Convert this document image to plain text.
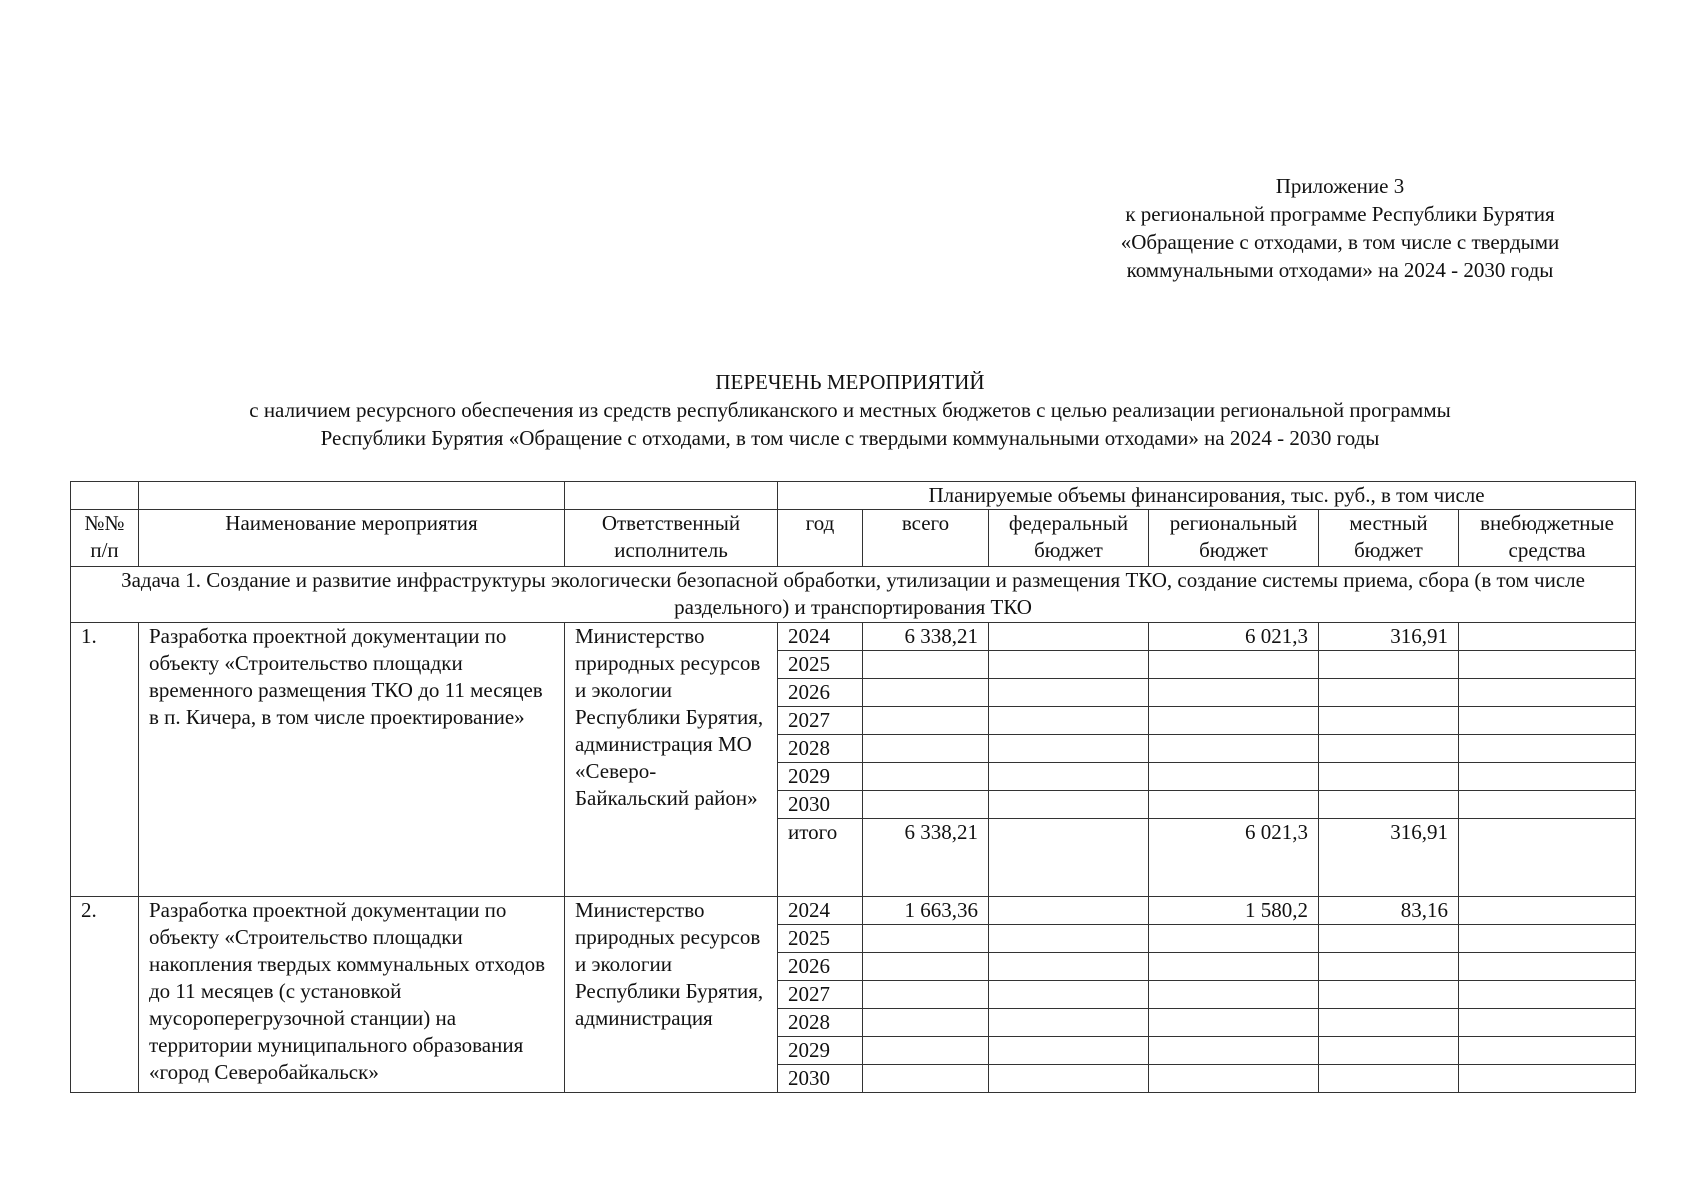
Приложение 3
к региональной программе Республики Бурятия
«Обращение с отходами, в том числе с твердыми
коммунальными отходами» на 2024 - 2030 годы
ПЕРЕЧЕНЬ МЕРОПРИЯТИЙ
с наличием ресурсного обеспечения из средств республиканского и местных бюджетов с целью реализации региональной программы
Республики Бурятия «Обращение с отходами, в том числе с твердыми коммунальными отходами» на 2024 - 2030 годы
			Планируемые объемы финансирования, тыс. руб., в том числе					
№№ п/п	Наименование мероприятия	Ответственный исполнитель	год	всего	федеральный бюджет	региональный бюджет	местный бюджет	внебюджетные средства
Задача 1. Создание и развитие инфраструктуры экологически безопасной обработки, утилизации и размещения ТКО, создание системы приема, сбора (в том числе раздельного) и транспортирования ТКО								
1.	Разработка проектной документации по объекту «Строительство площадки временного размещения ТКО до 11 месяцев в п. Кичера, в том числе проектирование»	Министерство природных ресурсов и экологии Республики Бурятия, администрация МО «Северо-Байкальский район»	2024	6 338,21		6 021,3	316,91	
			2025					
			2026					
			2027					
			2028					
			2029					
			2030					
			итого	6 338,21		6 021,3	316,91	
2.	Разработка проектной документации по объекту «Строительство площадки накопления твердых коммунальных отходов до 11 месяцев (с установкой мусороперегрузочной станции) на территории муниципального образования «город Северобайкальск»	Министерство природных ресурсов и экологии Республики Бурятия, администрация	2024	1 663,36		1 580,2	83,16	
			2025					
			2026					
			2027					
			2028					
			2029					
			2030					
